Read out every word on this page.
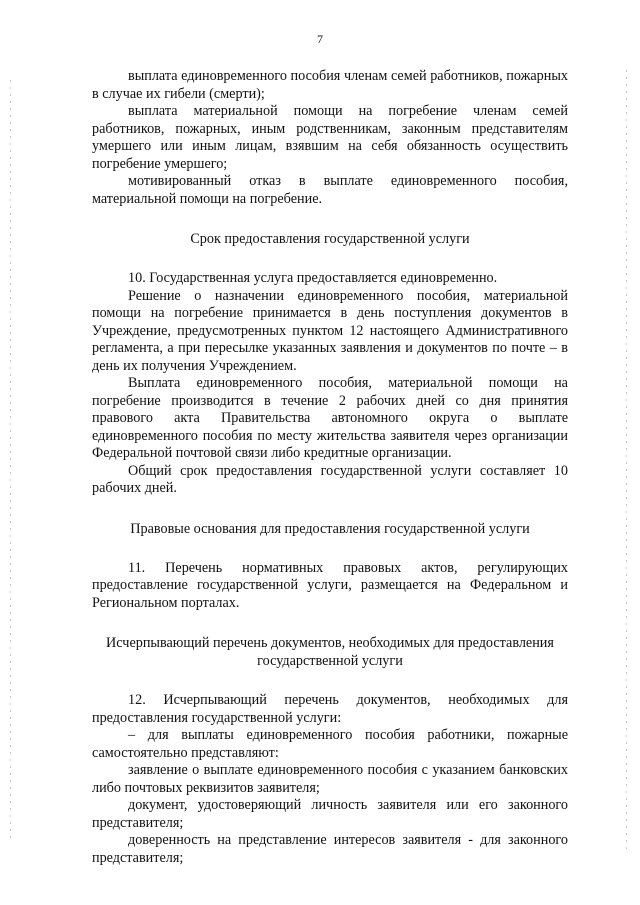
7

выплата единовременного пособия членам семей работников, пожарных в случае их гибели (смерти);

выплата материальной помощи на погребение членам семей работников, пожарных, иным родственникам, законным представителям умершего или иным лицам, взявшим на себя обязанность осуществить погребение умершего;

мотивированный отказ в выплате единовременного пособия, материальной помощи на погребение.

Срок предоставления государственной услуги

10. Государственная услуга предоставляется единовременно.

Решение о назначении единовременного пособия, материальной помощи на погребение принимается в день поступления документов в Учреждение, предусмотренных пунктом 12 настоящего Административного регламента, а при пересылке указанных заявления и документов по почте – в день их получения Учреждением.

Выплата единовременного пособия, материальной помощи на погребение производится в течение 2 рабочих дней со дня принятия правового акта Правительства автономного округа о выплате единовременного пособия по месту жительства заявителя через организации Федеральной почтовой связи либо кредитные организации.

Общий срок предоставления государственной услуги составляет 10 рабочих дней.

Правовые основания для предоставления государственной услуги

11. Перечень нормативных правовых актов, регулирующих предоставление государственной услуги, размещается на Федеральном и Региональном порталах.

Исчерпывающий перечень документов, необходимых для предоставления государственной услуги

12. Исчерпывающий перечень документов, необходимых для предоставления государственной услуги:

– для выплаты единовременного пособия работники, пожарные самостоятельно представляют:

заявление о выплате единовременного пособия с указанием банковских либо почтовых реквизитов заявителя;

документ, удостоверяющий личность заявителя или его законного представителя;

доверенность на представление интересов заявителя - для законного представителя;
